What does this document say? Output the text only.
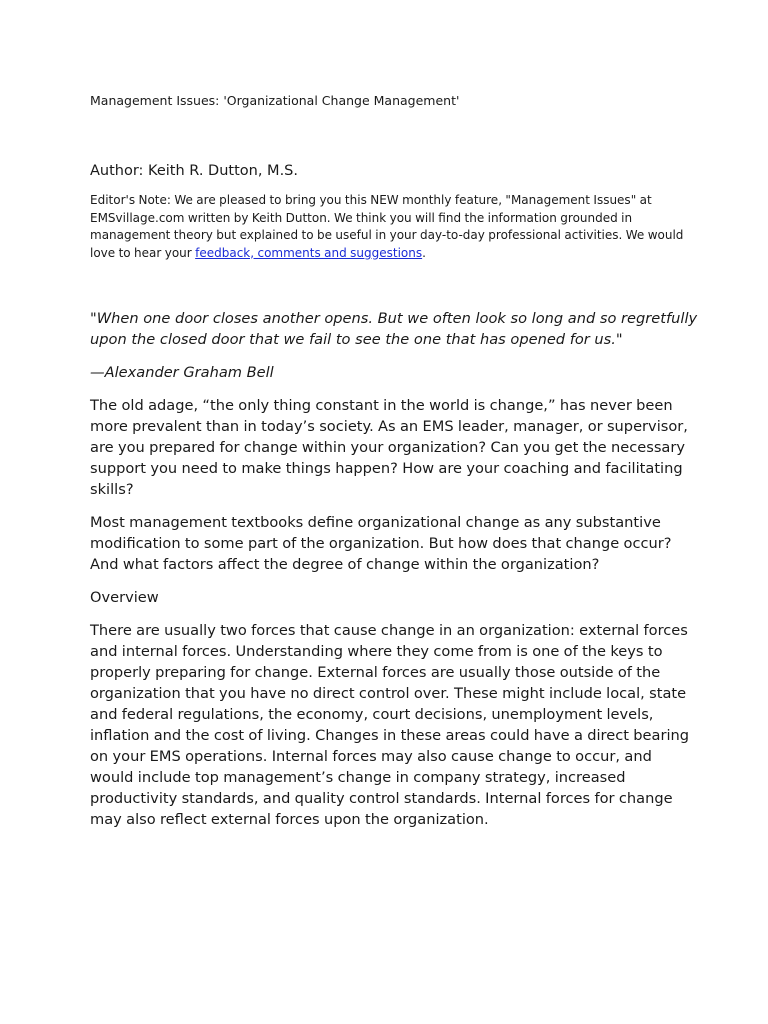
Management Issues: 'Organizational Change Management'

Author: Keith R. Dutton, M.S.

Editor's Note: We are pleased to bring you this NEW monthly feature, "Management Issues" at EMSvillage.com written by Keith Dutton. We think you will find the information grounded in management theory but explained to be useful in your day-to-day professional activities. We would love to hear your feedback, comments and suggestions.

"When one door closes another opens. But we often look so long and so regretfully upon the closed door that we fail to see the one that has opened for us."

—Alexander Graham Bell

The old adage, “the only thing constant in the world is change,” has never been more prevalent than in today’s society. As an EMS leader, manager, or supervisor, are you prepared for change within your organization? Can you get the necessary support you need to make things happen? How are your coaching and facilitating skills?

Most management textbooks define organizational change as any substantive modification to some part of the organization. But how does that change occur? And what factors affect the degree of change within the organization?

Overview

There are usually two forces that cause change in an organization: external forces and internal forces. Understanding where they come from is one of the keys to properly preparing for change. External forces are usually those outside of the organization that you have no direct control over. These might include local, state and federal regulations, the economy, court decisions, unemployment levels, inflation and the cost of living. Changes in these areas could have a direct bearing on your EMS operations. Internal forces may also cause change to occur, and would include top management’s change in company strategy, increased productivity standards, and quality control standards. Internal forces for change may also reflect external forces upon the organization.
